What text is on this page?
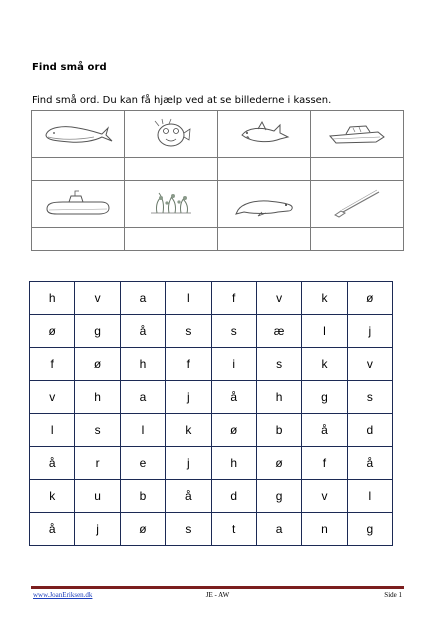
Find små ord
Find små ord. Du kan få hjælp ved at se billederne i kassen.

h	v	a	l	f	v	k	ø
ø	g	å	s	s	æ	l	j
f	ø	h	f	i	s	k	v
v	h	a	j	å	h	g	s
l	s	l	k	ø	b	å	d
å	r	e	j	h	ø	f	å
k	u	b	å	d	g	v	l
å	j	ø	s	t	a	n	g
www.JoanEriksen.dk	JE - AW	Side 1
